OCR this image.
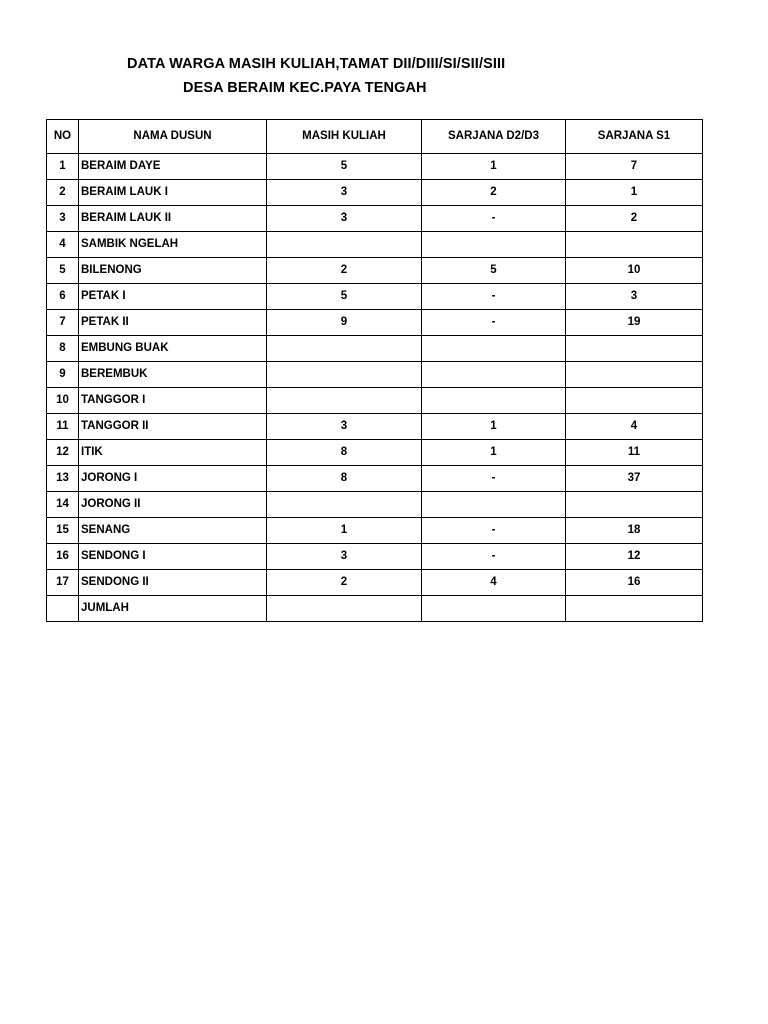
DATA WARGA MASIH KULIAH,TAMAT DII/DIII/SI/SII/SIII
DESA BERAIM KEC.PAYA TENGAH
NO	NAMA DUSUN	MASIH KULIAH	SARJANA D2/D3	SARJANA S1
1	BERAIM DAYE	5	1	7
2	BERAIM LAUK I	3	2	1
3	BERAIM LAUK II	3	-	2
4	SAMBIK NGELAH			
5	BILENONG	2	5	10
6	PETAK I	5	-	3
7	PETAK II	9	-	19
8	EMBUNG BUAK			
9	BEREMBUK			
10	TANGGOR I			
11	TANGGOR II	3	1	4
12	ITIK	8	1	11
13	JORONG I	8	-	37
14	JORONG II			
15	SENANG	1	-	18
16	SENDONG I	3	-	12
17	SENDONG II	2	4	16
	JUMLAH			
